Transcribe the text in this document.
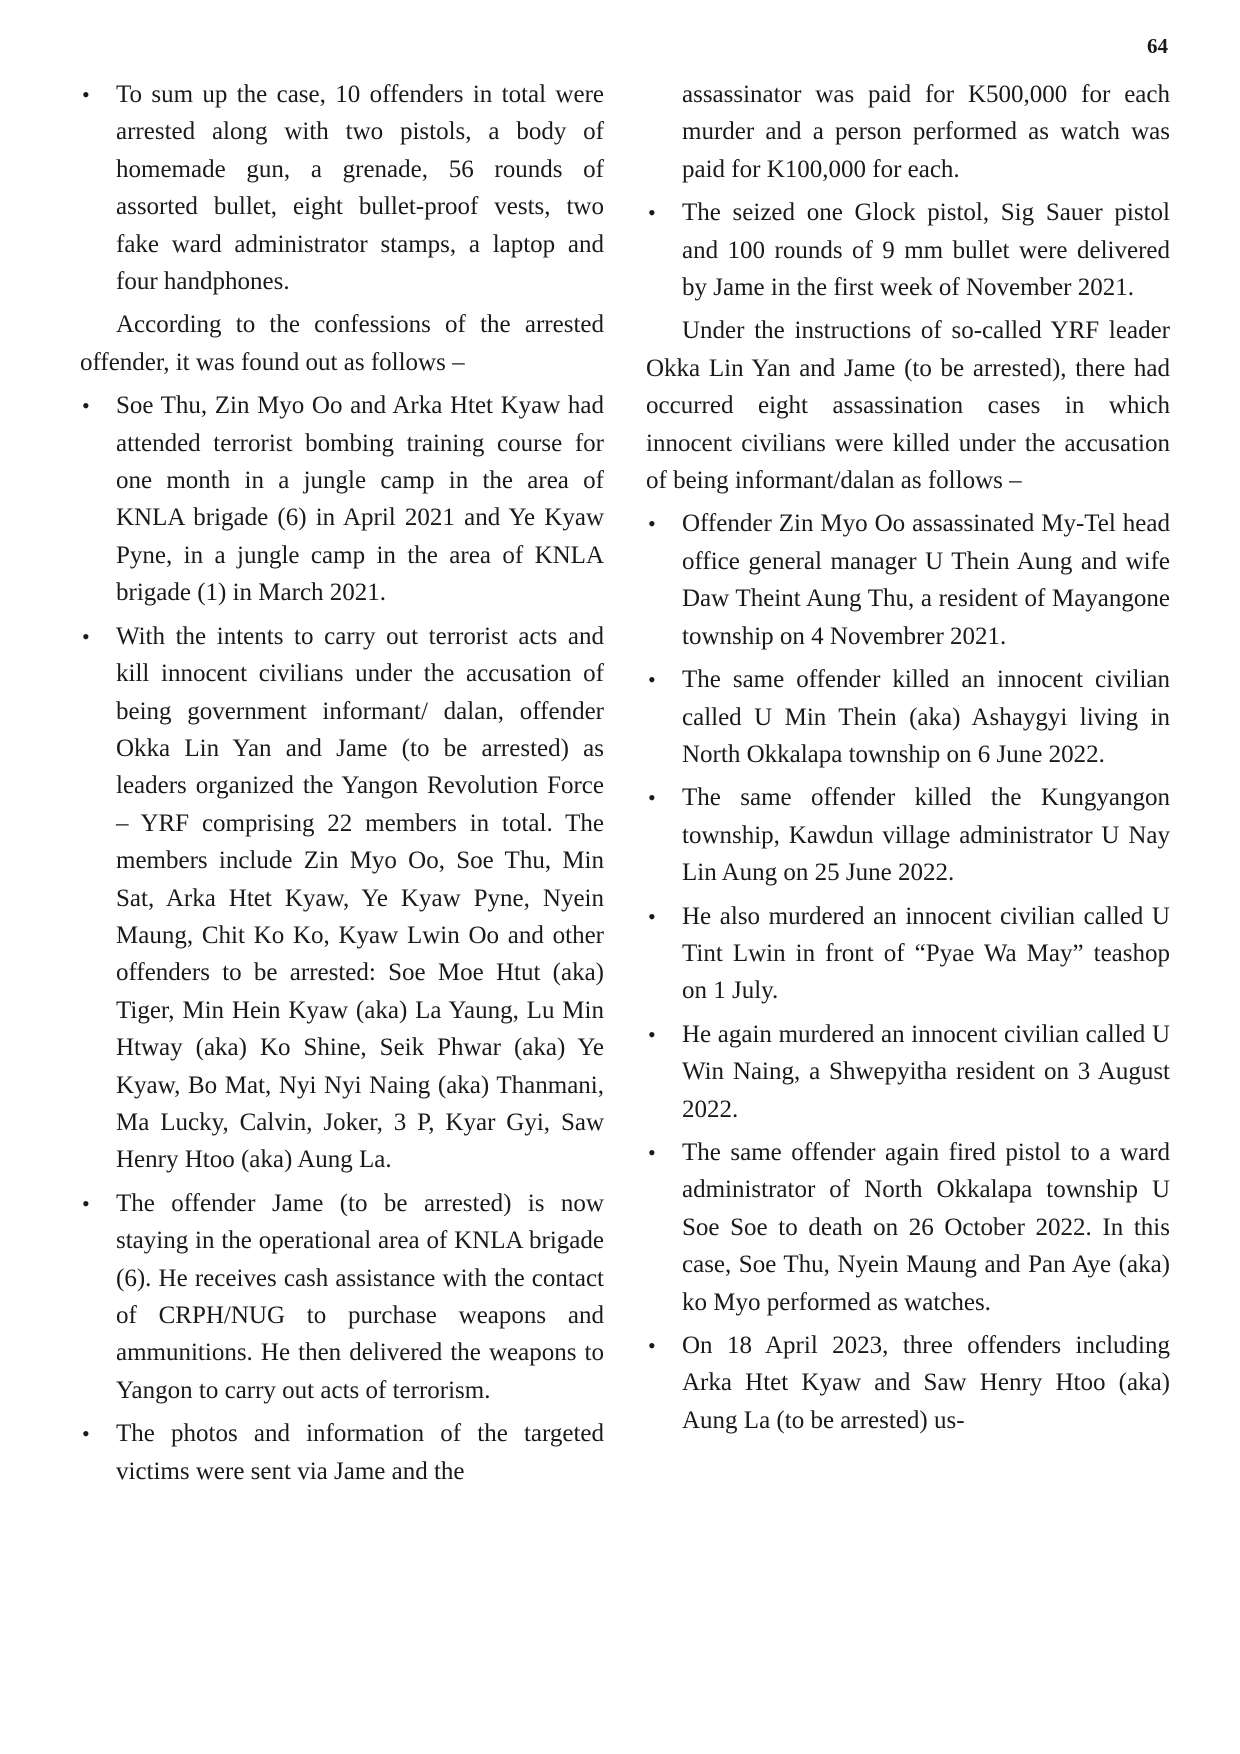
64
• To sum up the case, 10 offenders in total were arrested along with two pistols, a body of homemade gun, a grenade, 56 rounds of assorted bullet, eight bullet-proof vests, two fake ward administrator stamps, a laptop and four handphones.

According to the confessions of the arrested offender, it was found out as follows –

• Soe Thu, Zin Myo Oo and Arka Htet Kyaw had attended terrorist bombing training course for one month in a jungle camp in the area of KNLA brigade (6) in April 2021 and Ye Kyaw Pyne, in a jungle camp in the area of KNLA brigade (1) in March 2021.
• With the intents to carry out terrorist acts and kill innocent civilians under the accusation of being government informant/ dalan, offender Okka Lin Yan and Jame (to be arrested) as leaders organized the Yangon Revolution Force – YRF comprising 22 members in total. The members include Zin Myo Oo, Soe Thu, Min Sat, Arka Htet Kyaw, Ye Kyaw Pyne, Nyein Maung, Chit Ko Ko, Kyaw Lwin Oo and other offenders to be arrested: Soe Moe Htut (aka) Tiger, Min Hein Kyaw (aka) La Yaung, Lu Min Htway (aka) Ko Shine, Seik Phwar (aka) Ye Kyaw, Bo Mat, Nyi Nyi Naing (aka) Thanmani, Ma Lucky, Calvin, Joker, 3 P, Kyar Gyi, Saw Henry Htoo (aka) Aung La.
• The offender Jame (to be arrested) is now staying in the operational area of KNLA brigade (6). He receives cash assistance with the contact of CRPH/NUG to purchase weapons and ammunitions. He then delivered the weapons to Yangon to carry out acts of terrorism.
• The photos and information of the targeted victims were sent via Jame and the

assassinator was paid for K500,000 for each murder and a person performed as watch was paid for K100,000 for each.

• The seized one Glock pistol, Sig Sauer pistol and 100 rounds of 9 mm bullet were delivered by Jame in the first week of November 2021.

Under the instructions of so-called YRF leader Okka Lin Yan and Jame (to be arrested), there had occurred eight assassination cases in which innocent civilians were killed under the accusation of being informant/dalan as follows –

• Offender Zin Myo Oo assassinated My-Tel head office general manager U Thein Aung and wife Daw Theint Aung Thu, a resident of Mayangone township on 4 Novembrer 2021.
• The same offender killed an innocent civilian called U Min Thein (aka) Ashaygyi living in North Okkalapa township on 6 June 2022.
• The same offender killed the Kungyangon township, Kawdun village administrator U Nay Lin Aung on 25 June 2022.
• He also murdered an innocent civilian called U Tint Lwin in front of “Pyae Wa May” teashop on 1 July.
• He again murdered an innocent civilian called U Win Naing, a Shwepyitha resident on 3 August 2022.
• The same offender again fired pistol to a ward administrator of North Okkalapa township U Soe Soe to death on 26 October 2022. In this case, Soe Thu, Nyein Maung and Pan Aye (aka) ko Myo performed as watches.
• On 18 April 2023, three offenders including Arka Htet Kyaw and Saw Henry Htoo (aka) Aung La (to be arrested) us-
